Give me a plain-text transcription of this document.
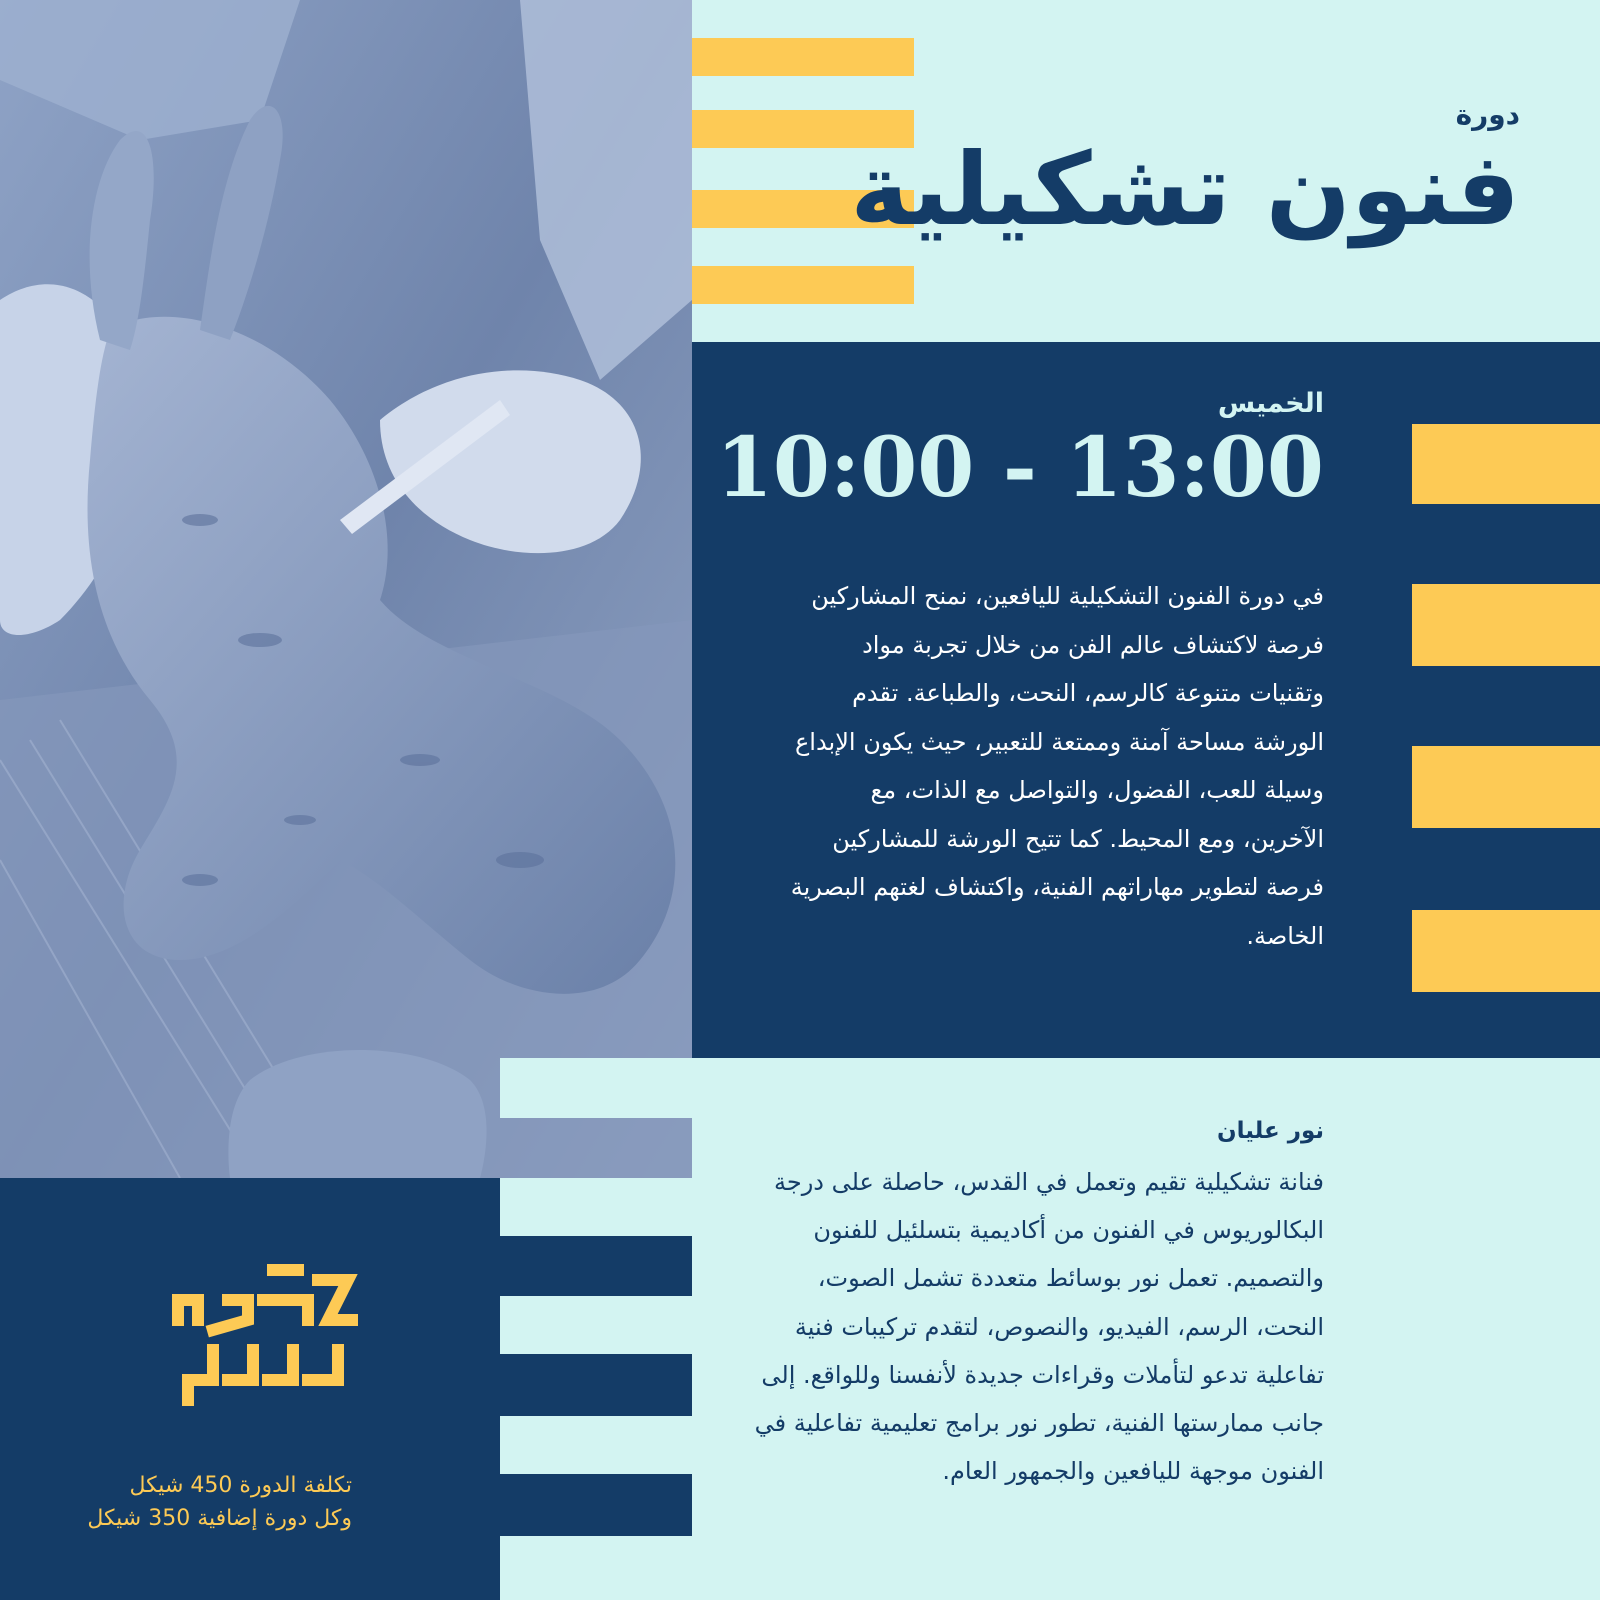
دورة
فنون تشكيلية
الخميس
10:00 - 13:00
في دورة الفنون التشكيلية لليافعين، نمنح المشاركين فرصة لاكتشاف عالم الفن من خلال تجربة مواد وتقنيات متنوعة كالرسم، النحت، والطباعة. تقدم الورشة مساحة آمنة وممتعة للتعبير، حيث يكون الإبداع وسيلة للعب، الفضول، والتواصل مع الذات، مع الآخرين، ومع المحيط. كما تتيح الورشة للمشاركين فرصة لتطوير مهاراتهم الفنية، واكتشاف لغتهم البصرية الخاصة.
نور عليان
فنانة تشكيلية تقيم وتعمل في القدس، حاصلة على درجة البكالوريوس في الفنون من أكاديمية بتسلئيل للفنون والتصميم. تعمل نور بوسائط متعددة تشمل الصوت، النحت، الرسم، الفيديو، والنصوص، لتقدم تركيبات فنية تفاعلية تدعو لتأملات وقراءات جديدة لأنفسنا وللواقع. إلى جانب ممارستها الفنية، تطور نور برامج تعليمية تفاعلية في الفنون موجهة لليافعين والجمهور العام.
تكلفة الدورة 450 شيكل
وكل دورة إضافية 350 شيكل
